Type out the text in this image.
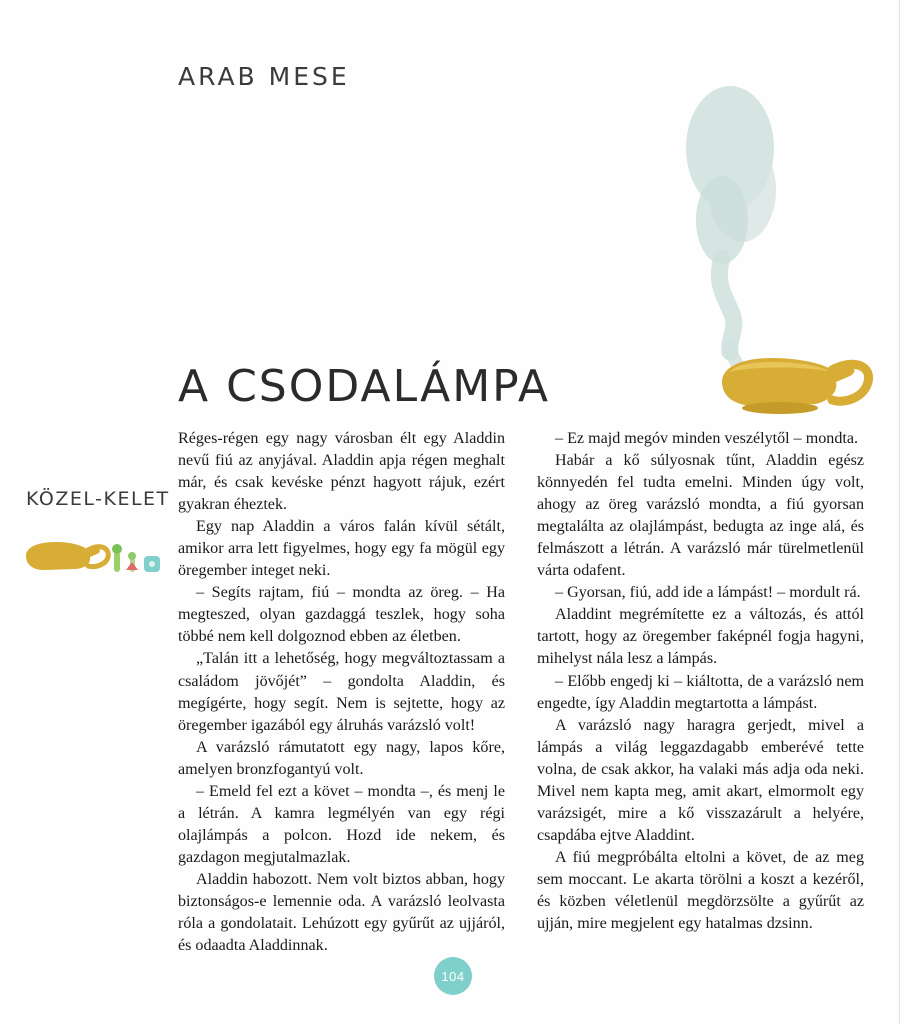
ARAB MESE
A CSODALÁMPA
KÖZEL-KELET

Réges-régen egy nagy városban élt egy Aladdin nevű fiú az anyjával. Aladdin apja régen meghalt már, és csak kevéske pénzt hagyott rájuk, ezért gyakran éheztek.

Egy nap Aladdin a város falán kívül sétált, amikor arra lett figyelmes, hogy egy fa mögül egy öregember integet neki.

– Segíts rajtam, fiú – mondta az öreg. – Ha megteszed, olyan gazdaggá teszlek, hogy soha többé nem kell dolgoznod ebben az életben.

„Talán itt a lehetőség, hogy megváltoztassam a családom jövőjét” – gondolta Aladdin, és megígérte, hogy segít. Nem is sejtette, hogy az öregember igazából egy álruhás varázsló volt!

A varázsló rámutatott egy nagy, lapos kőre, amelyen bronzfogantyú volt.

– Emeld fel ezt a követ – mondta –, és menj le a létrán. A kamra legmélyén van egy régi olajlámpás a polcon. Hozd ide nekem, és gazdagon megjutalmazlak.

Aladdin habozott. Nem volt biztos abban, hogy biztonságos-e lemennie oda. A varázsló leolvasta róla a gondolatait. Lehúzott egy gyűrűt az ujjáról, és odaadta Aladdinnak.

– Ez majd megóv minden veszélytől – mondta.

Habár a kő súlyosnak tűnt, Aladdin egész könnyedén fel tudta emelni. Minden úgy volt, ahogy az öreg varázsló mondta, a fiú gyorsan megtalálta az olajlámpást, bedugta az inge alá, és felmászott a létrán. A varázsló már türelmetlenül várta odafent.

– Gyorsan, fiú, add ide a lámpást! – mordult rá.

Aladdint megrémítette ez a változás, és attól tartott, hogy az öregember faképnél fogja hagyni, mihelyst nála lesz a lámpás.

– Előbb engedj ki – kiáltotta, de a varázsló nem engedte, így Aladdin megtartotta a lámpást.

A varázsló nagy haragra gerjedt, mivel a lámpás a világ leggazdagabb emberévé tette volna, de csak akkor, ha valaki más adja oda neki. Mivel nem kapta meg, amit akart, elmormolt egy varázsigét, mire a kő visszazárult a helyére, csapdába ejtve Aladdint.

A fiú megpróbálta eltolni a követ, de az meg sem moccant. Le akarta törölni a koszt a kezéről, és közben véletlenül megdörzsölte a gyűrűt az ujján, mire megjelent egy hatalmas dzsinn.

104
